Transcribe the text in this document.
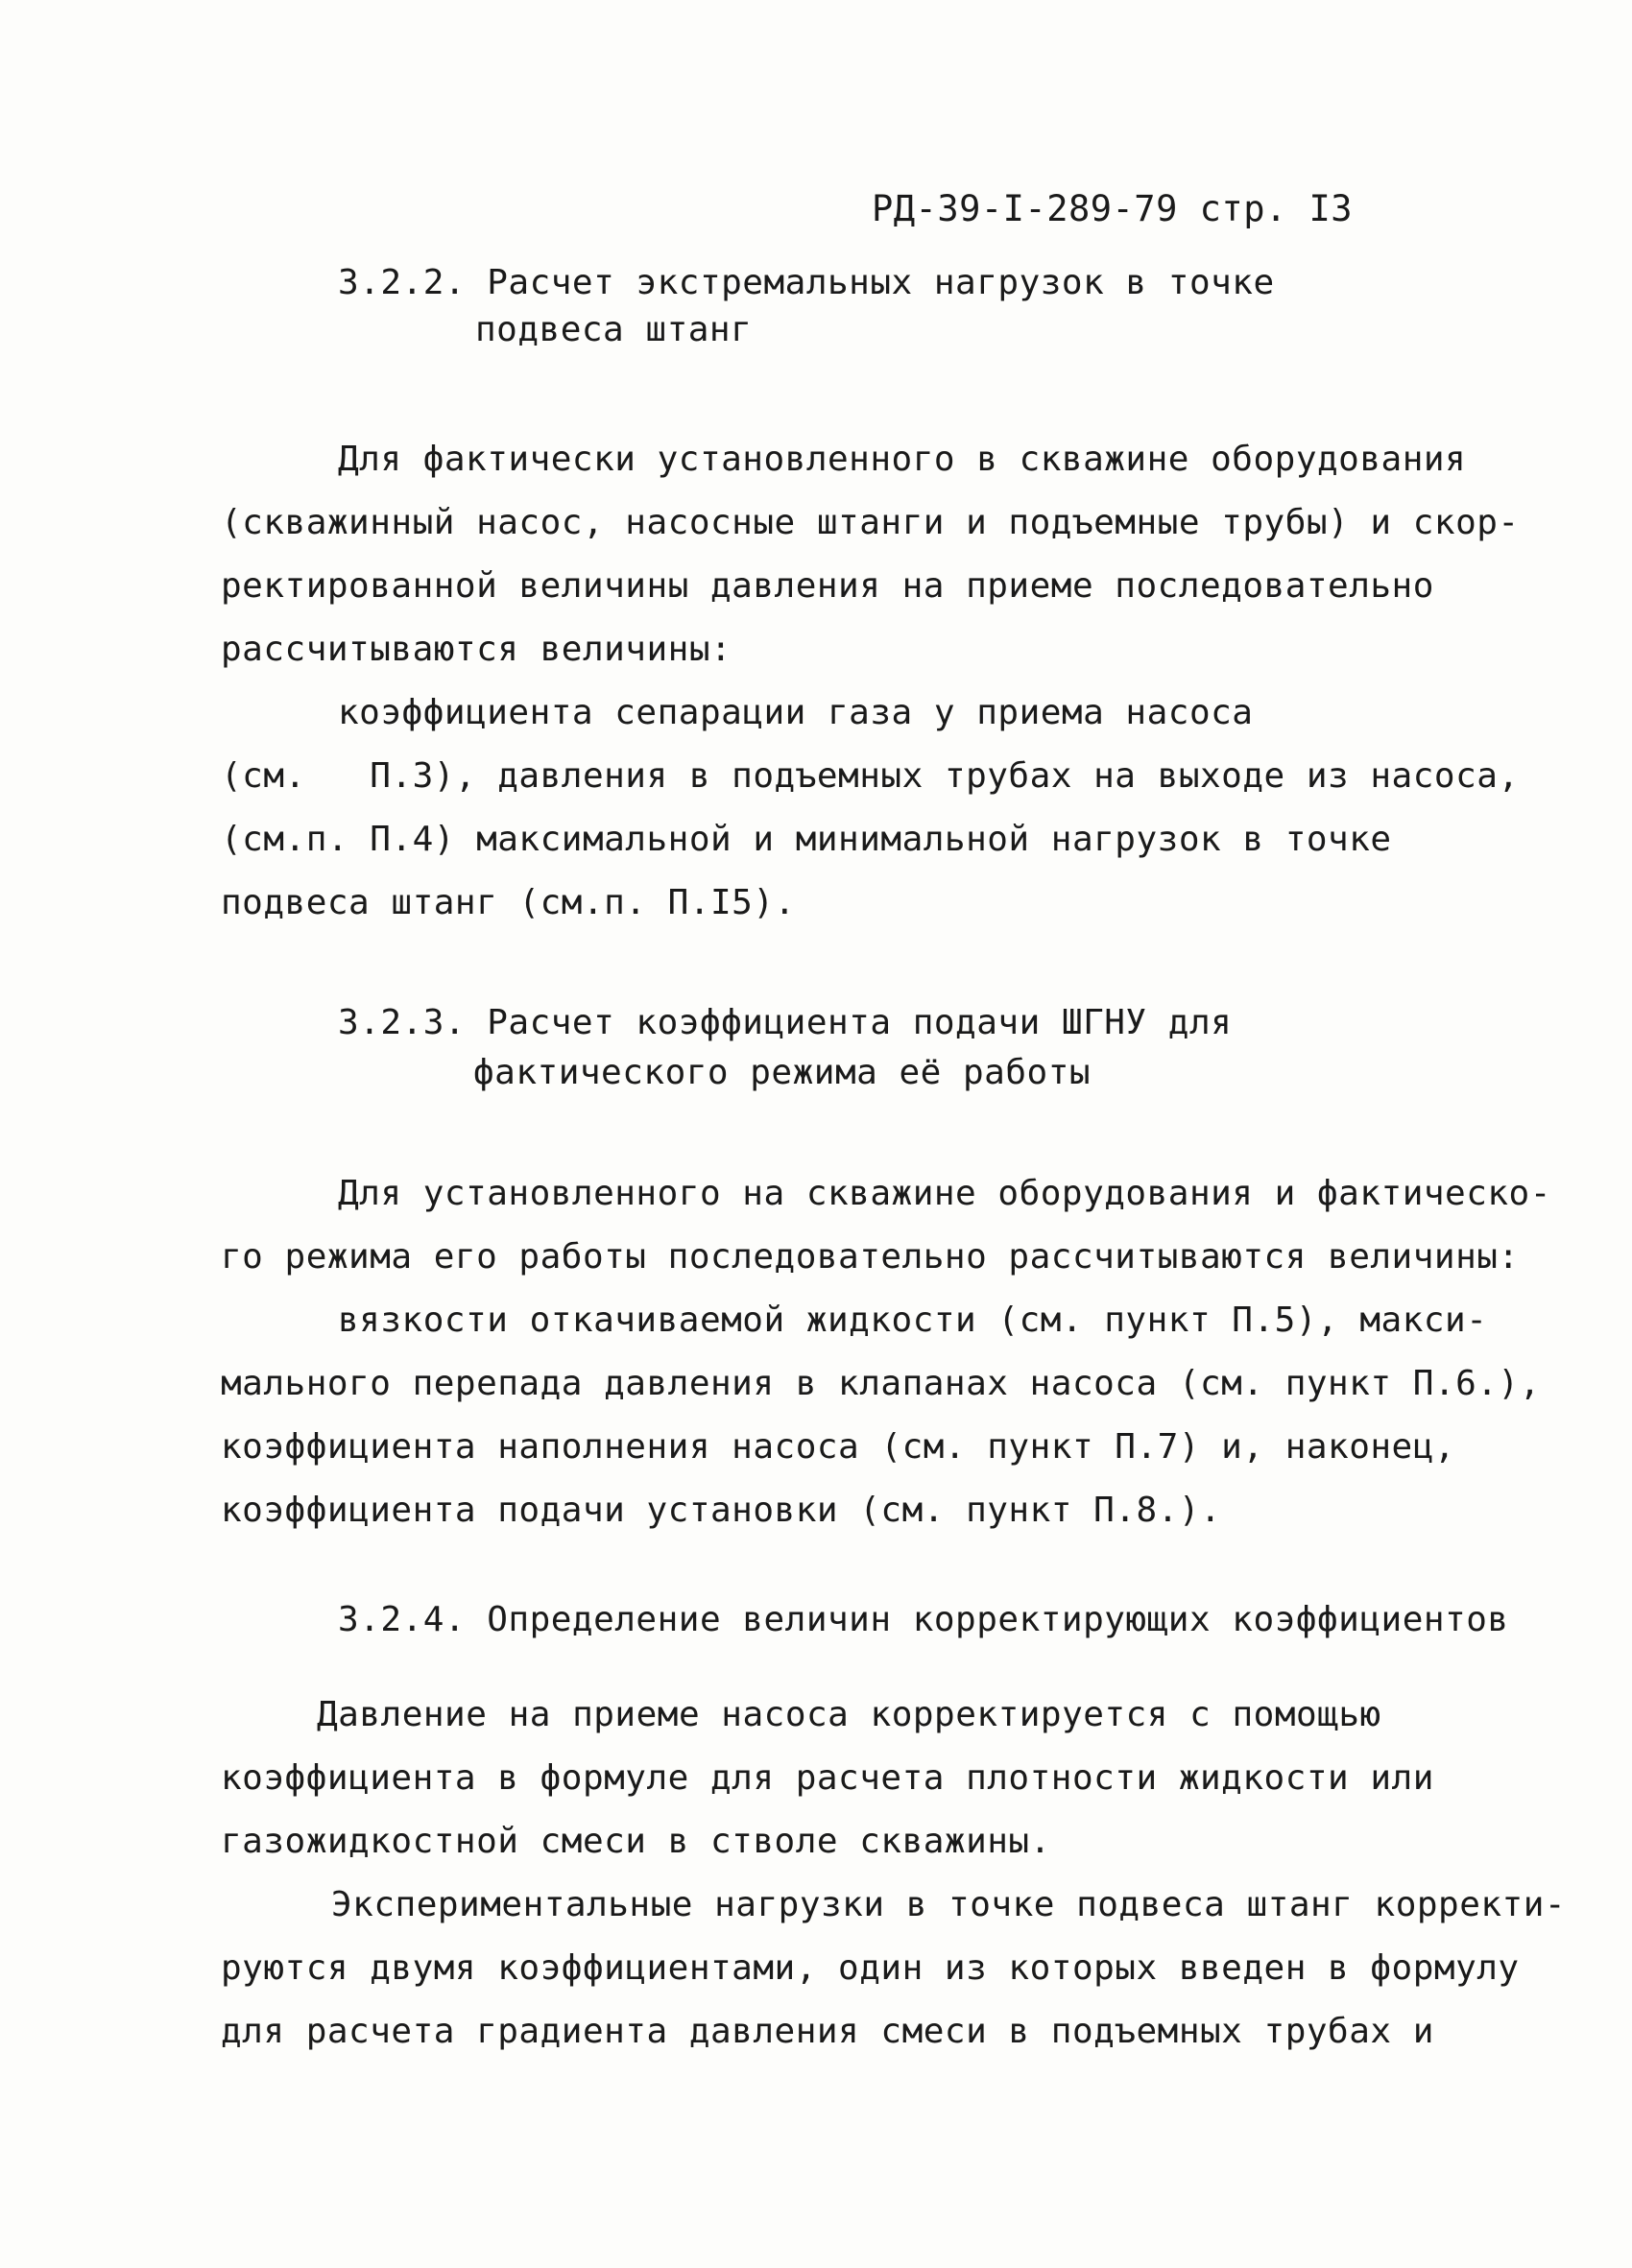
РД-39-I-289-79 стр. I3
3.2.2. Расчет экстремальных нагрузок в точке
подвеса штанг
Для фактически установленного в скважине оборудования
(скважинный насос, насосные штанги и подъемные трубы) и скор-
ректированной величины давления на приеме последовательно
рассчитываются величины:
коэффициента сепарации газа у приема насоса
(см.   П.3), давления в подъемных трубах на выходе из насоса,
(см.п. П.4) максимальной и минимальной нагрузок в точке
подвеса штанг (см.п. П.I5).
3.2.3. Расчет коэффициента подачи ШГНУ для
фактического режима её работы
Для установленного на скважине оборудования и фактическо-
го режима его работы последовательно рассчитываются величины:
вязкости откачиваемой жидкости (см. пункт П.5), макси-
мального перепада давления в клапанах насоса (см. пункт П.6.),
коэффициента наполнения насоса (см. пункт П.7) и, наконец,
коэффициента подачи установки (см. пункт П.8.).
3.2.4. Определение величин корректирующих коэффициентов
Давление на приеме насоса корректируется с помощью
коэффициента в формуле для расчета плотности жидкости или
газожидкостной смеси в стволе скважины.
Экспериментальные нагрузки в точке подвеса штанг корректи-
руются двумя коэффициентами, один из которых введен в формулу
для расчета градиента давления смеси в подъемных трубах и
